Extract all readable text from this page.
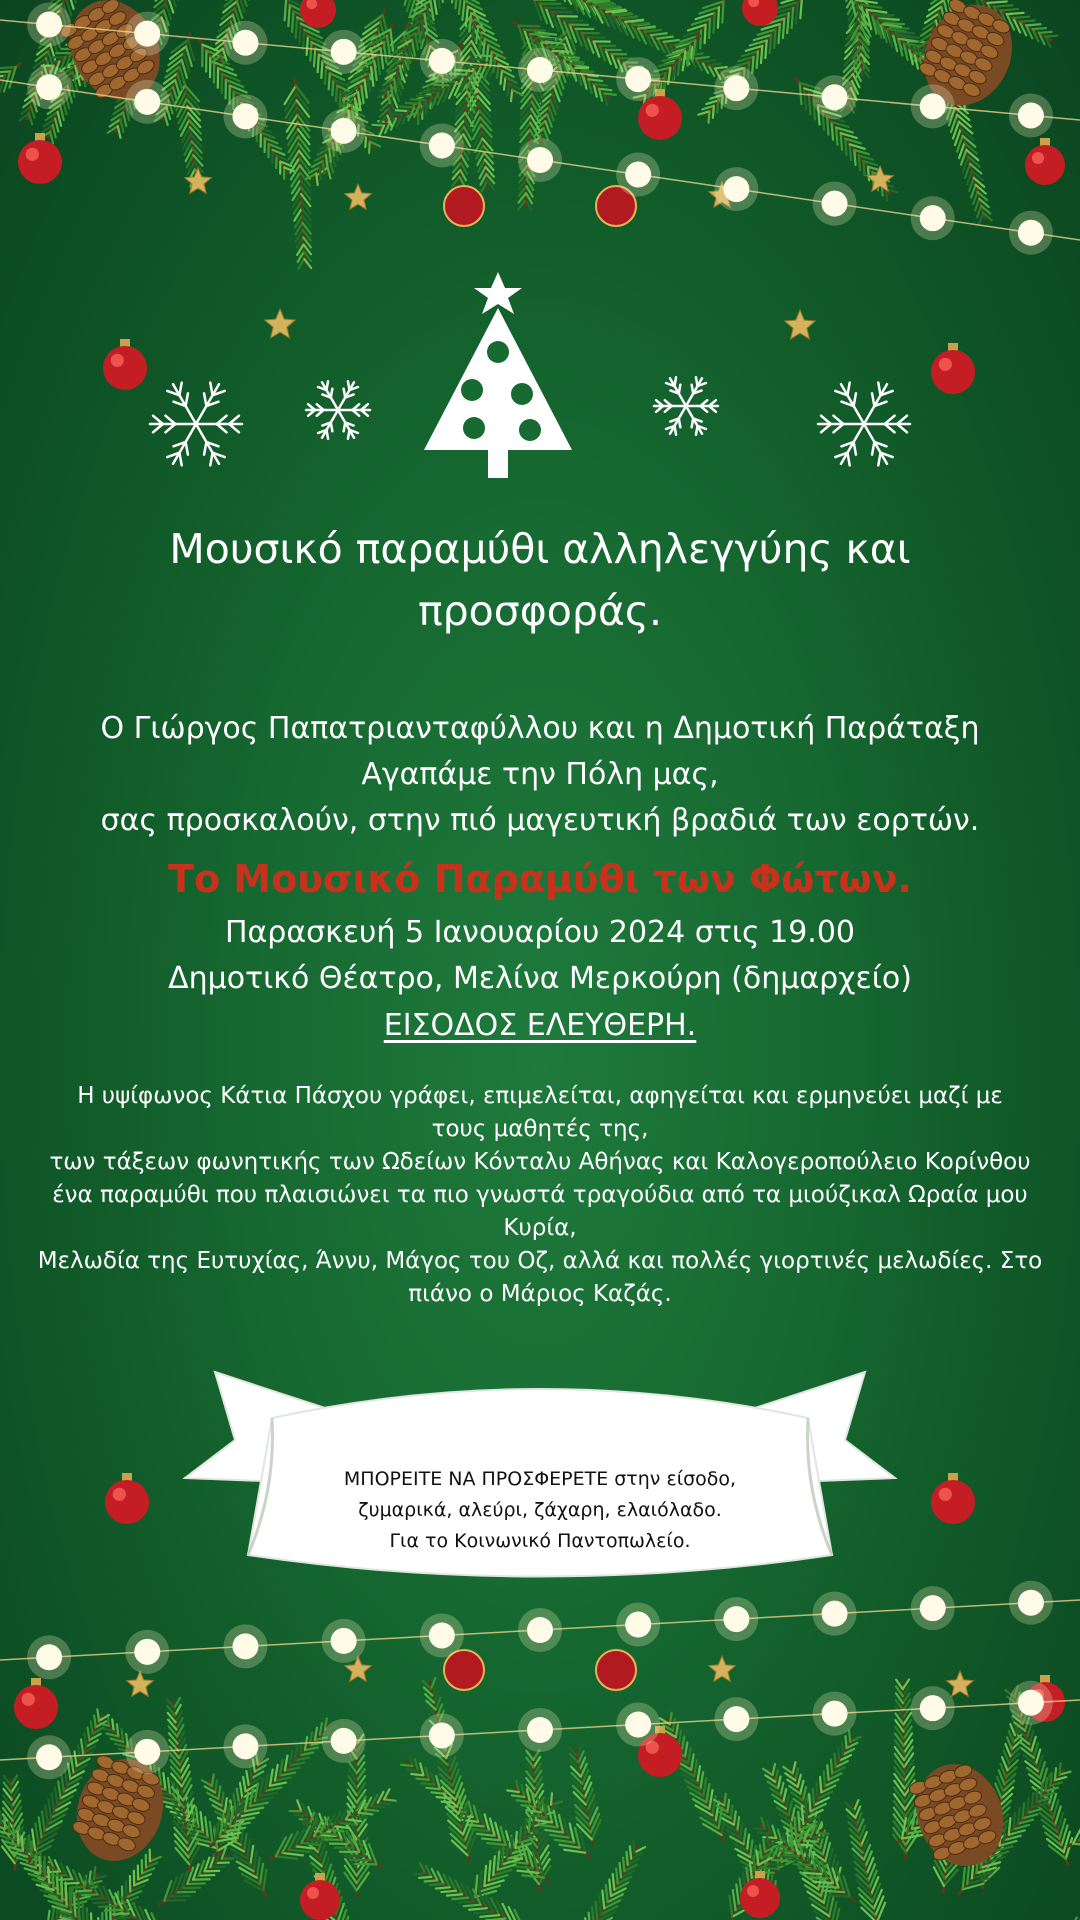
Μουσικό παραμύθι αλληλεγγύης και
προσφοράς.
Ο Γιώργος Παπατριανταφύλλου και η Δημοτική Παράταξη
Αγαπάμε την Πόλη μας,
σας προσκαλούν, στην πιό μαγευτική βραδιά των εορτών.
Το Μουσικό Παραμύθι των Φώτων.
Παρασκευή 5 Ιανουαρίου 2024 στις 19.00
Δημοτικό Θέατρο, Μελίνα Μερκούρη (δημαρχείο)
ΕΙΣΟΔΟΣ ΕΛΕΥΘΕΡΗ.
Η υψίφωνος Κάτια Πάσχου γράφει, επιμελείται, αφηγείται και ερμηνεύει μαζί με
τους μαθητές της,
των τάξεων φωνητικής των Ωδείων Κόνταλυ Αθήνας και Καλογεροπούλειο Κορίνθου
ένα παραμύθι που πλαισιώνει τα πιο γνωστά τραγούδια από τα μιούζικαλ Ωραία μου
Κυρία,
Μελωδία της Ευτυχίας, Άννυ, Μάγος του Οζ, αλλά και πολλές γιορτινές μελωδίες. Στο
πιάνο ο Μάριος Καζάς.
ΜΠΟΡΕΙΤΕ ΝΑ ΠΡΟΣΦΕΡΕΤΕ στην είσοδο,
ζυμαρικά, αλεύρι, ζάχαρη, ελαιόλαδο.
Για το Κοινωνικό Παντοπωλείο.
